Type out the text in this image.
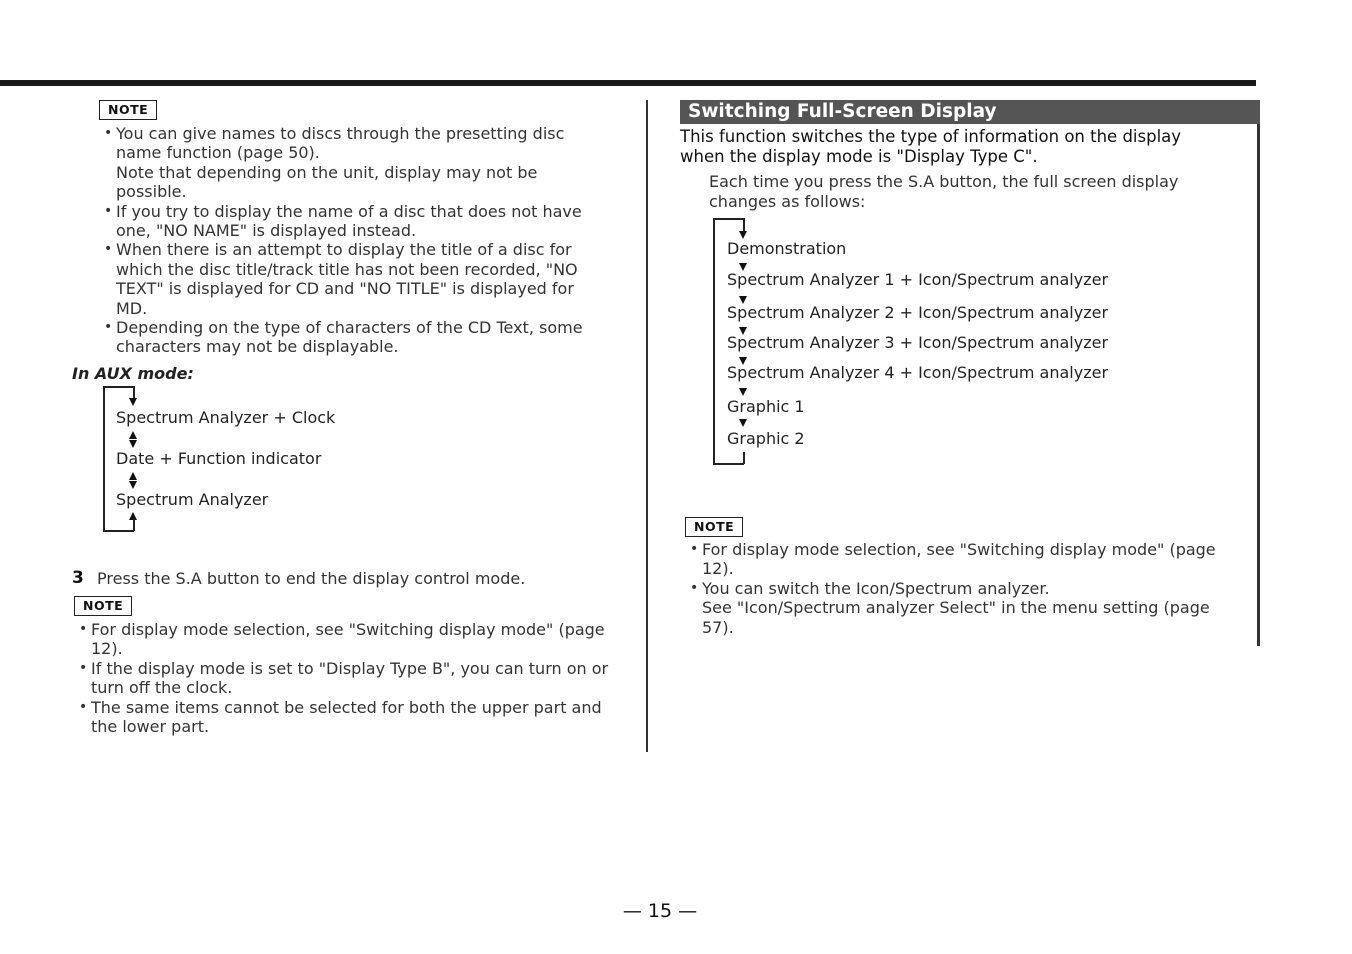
NOTE
• You can give names to discs through the presetting disc
name function (page 50).
Note that depending on the unit, display may not be
possible.
• If you try to display the name of a disc that does not have
one, "NO NAME" is displayed instead.
• When there is an attempt to display the title of a disc for
which the disc title/track title has not been recorded, "NO
TEXT" is displayed for CD and "NO TITLE" is displayed for
MD.
• Depending on the type of characters of the CD Text, some
characters may not be displayable.
In AUX mode:
Spectrum Analyzer + Clock
Date + Function indicator
Spectrum Analyzer
3 Press the S.A button to end the display control mode.
NOTE
• For display mode selection, see "Switching display mode" (page
12).
• If the display mode is set to "Display Type B", you can turn on or
turn off the clock.
• The same items cannot be selected for both the upper part and
the lower part.
Switching Full-Screen Display
This function switches the type of information on the display
when the display mode is "Display Type C".
Each time you press the S.A button, the full screen display
changes as follows:
Demonstration
Spectrum Analyzer 1 + Icon/Spectrum analyzer
Spectrum Analyzer 2 + Icon/Spectrum analyzer
Spectrum Analyzer 3 + Icon/Spectrum analyzer
Spectrum Analyzer 4 + Icon/Spectrum analyzer
Graphic 1
Graphic 2
NOTE
• For display mode selection, see "Switching display mode" (page
12).
• You can switch the Icon/Spectrum analyzer.
See "Icon/Spectrum analyzer Select" in the menu setting (page
57).
— 15 —
